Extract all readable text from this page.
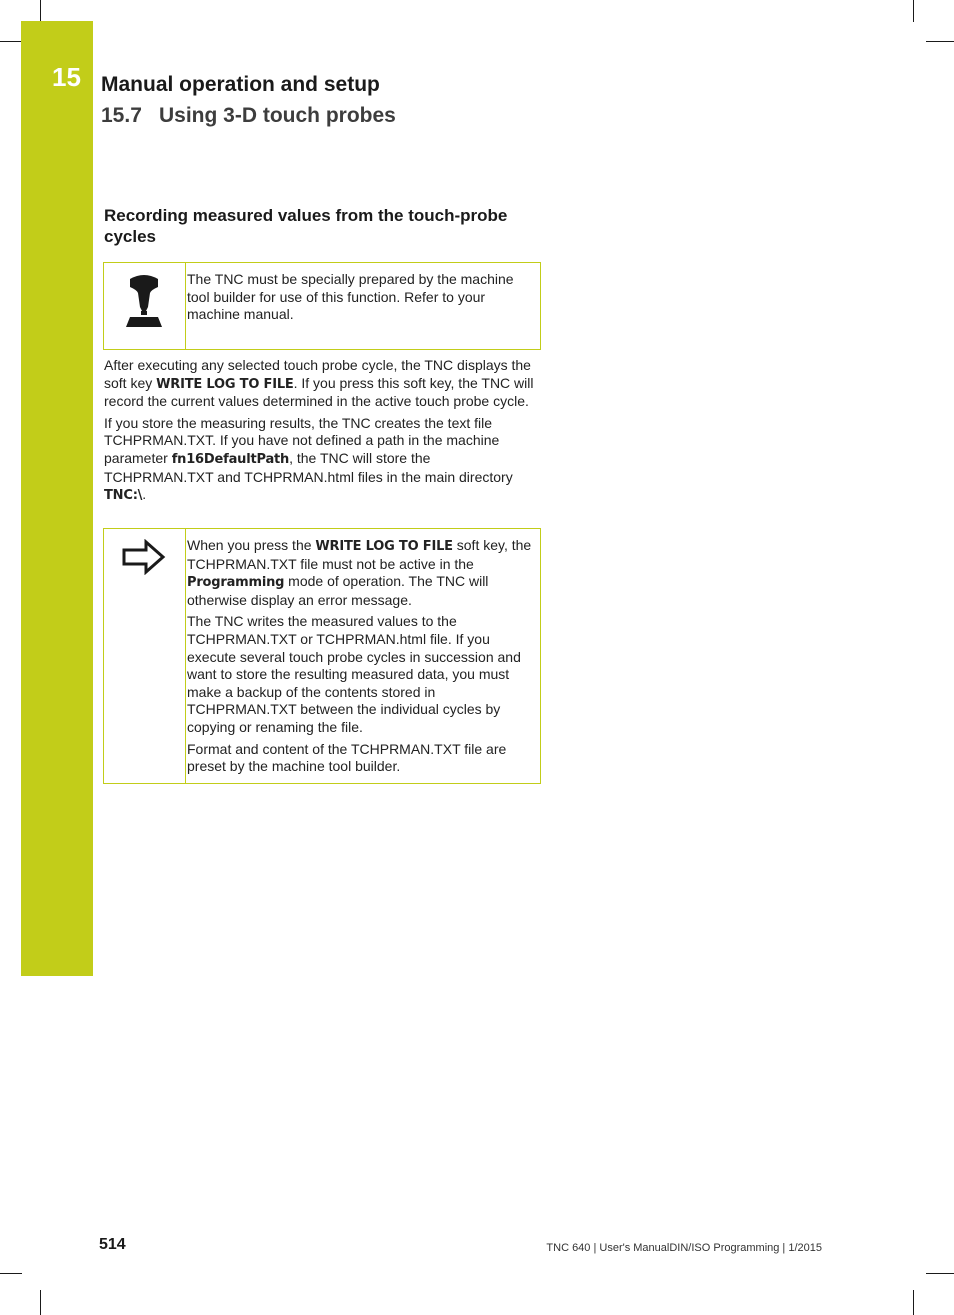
15 Manual operation and setup
15.7 Using 3-D touch probes
Recording measured values from the touch-probe cycles

The TNC must be specially prepared by the machine tool builder for use of this function. Refer to your machine manual.

After executing any selected touch probe cycle, the TNC displays the soft key WRITE LOG TO FILE. If you press this soft key, the TNC will record the current values determined in the active touch probe cycle.

If you store the measuring results, the TNC creates the text file TCHPRMAN.TXT. If you have not defined a path in the machine parameter fn16DefaultPath, the TNC will store the TCHPRMAN.TXT and TCHPRMAN.html files in the main directory TNC:\.

When you press the WRITE LOG TO FILE soft key, the TCHPRMAN.TXT file must not be active in the Programming mode of operation. The TNC will otherwise display an error message.

The TNC writes the measured values to the TCHPRMAN.TXT or TCHPRMAN.html file. If you execute several touch probe cycles in succession and want to store the resulting measured data, you must make a backup of the contents stored in TCHPRMAN.TXT between the individual cycles by copying or renaming the file.

Format and content of the TCHPRMAN.TXT file are preset by the machine tool builder.

514	TNC 640 | User's ManualDIN/ISO Programming | 1/2015
